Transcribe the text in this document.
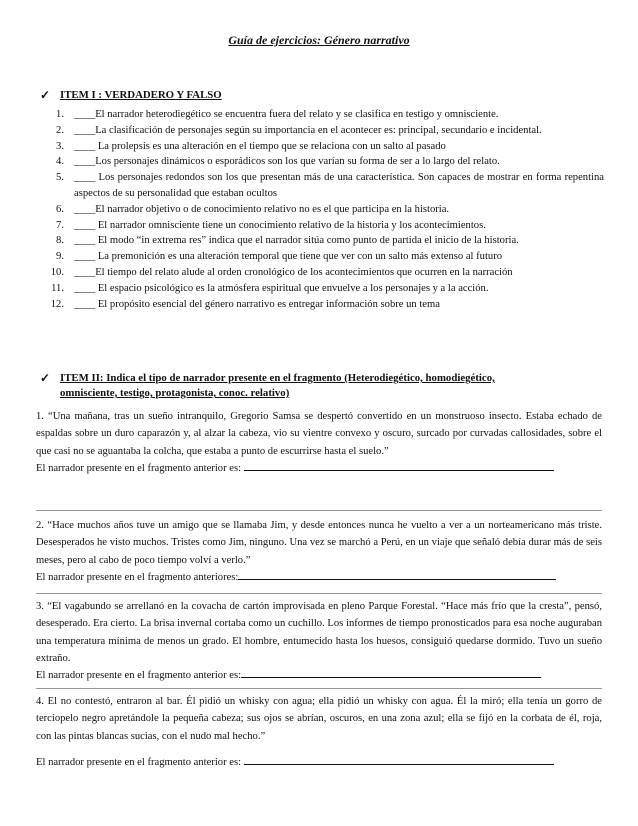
Guía de ejercicios: Género narrativo
✓ ITEM I : VERDADERO Y FALSO
1. ____El narrador heterodiegético se encuentra fuera del relato y se clasifica en testigo y omnisciente.
2. ____La clasificación de personajes según su importancia en el acontecer es: principal, secundario e incidental.
3. ____ La prolepsis es una alteración en el tiempo que se relaciona con un salto al pasado
4. ____Los personajes dinámicos o esporádicos son los que varían su forma de ser a lo largo del relato.
5. ____ Los personajes redondos son los que presentan más de una característica. Son capaces de mostrar en forma repentina aspectos de su personalidad que estaban ocultos
6. ____El narrador objetivo o de conocimiento relativo no es el que participa en la historia.
7. ____ El narrador omnisciente tiene un conocimiento relativo de la historia y los acontecimientos.
8. ____ El modo “in extrema res” indica que el narrador sitúa como punto de partida el inicio de la historia.
9. ____ La premonición es una alteración temporal que tiene que ver con un salto más extenso al futuro
10. ____El tiempo del relato alude al orden cronológico de los acontecimientos que ocurren en la narración
11. ____ El espacio psicológico es la atmósfera espiritual que envuelve a los personajes y a la acción.
12. ____ El propósito esencial del género narrativo es entregar información sobre un tema
✓ ITEM II: Indica el tipo de narrador presente en el fragmento (Heterodiegético, homodiegético,
omnisciente, testigo, protagonista, conoc. relativo)

1. “Una mañana, tras un sueño intranquilo, Gregorio Samsa se despertó convertido en un monstruoso insecto. Estaba echado de espaldas sobre un duro caparazón y, al alzar la cabeza, vio su vientre convexo y oscuro, surcado por curvadas callosidades, sobre el que casi no se aguantaba la colcha, que estaba a punto de escurrirse hasta el suelo.”

El narrador presente en el fragmento anterior es:

2. “Hace muchos años tuve un amigo que se llamaba Jim, y desde entonces nunca he vuelto a ver a un norteamericano más triste. Desesperados he visto muchos. Tristes como Jim, ninguno. Una vez se marchó a Perú, en un viaje que señaló debía durar más de seis meses, pero al cabo de poco tiempo volví a verlo.”

El narrador presente en el fragmento anteriores:

3. “El vagabundo se arrellanó en la covacha de cartón improvisada en pleno Parque Forestal. “Hace más frío que la cresta”, pensó, desesperado. Era cierto. La brisa invernal cortaba como un cuchillo. Los informes de tiempo pronosticados para esa noche auguraban una temperatura mínima de menos un grado. El hombre, entumecido hasta los huesos, consiguió quedarse dormido. Tuvo un sueño extraño.

El narrador presente en el fragmento anterior es:

4. El no contestó, entraron al bar. Él pidió un whisky con agua; ella pidió un whisky con agua. Él la miró; ella tenía un gorro de terciopelo negro apretándole la pequeña cabeza; sus ojos se abrían, oscuros, en una zona azul; ella se fijó en la corbata de él, roja, con las pintas blancas sucias, con el nudo mal hecho.”

El narrador presente en el fragmento anterior es:
